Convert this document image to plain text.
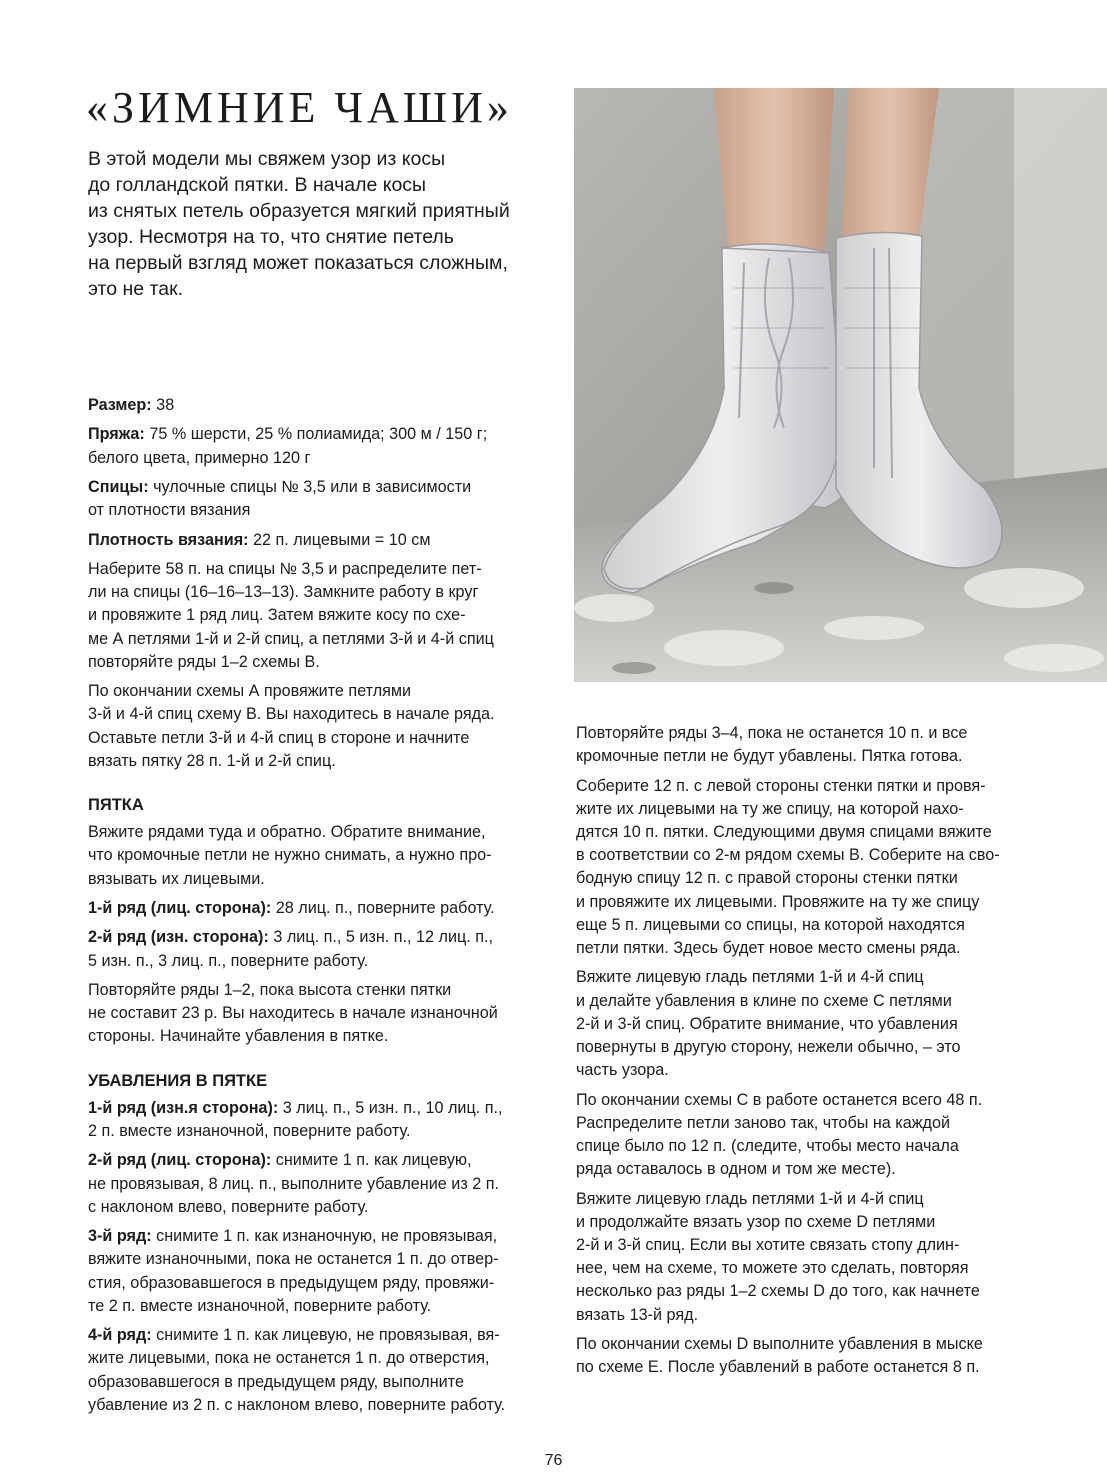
«ЗИМНИЕ ЧАШИ»
В этой модели мы свяжем узор из косы
до голландской пятки. В начале косы
из снятых петель образуется мягкий приятный
узор. Несмотря на то, что снятие петель
на первый взгляд может показаться сложным,
это не так.

Размер: 38

Пряжа: 75 % шерсти, 25 % полиамида; 300 м / 150 г;
белого цвета, примерно 120 г

Спицы: чулочные спицы № 3,5 или в зависимости
от плотности вязания

Плотность вязания: 22 п. лицевыми = 10 см

Наберите 58 п. на спицы № 3,5 и распределите пет-
ли на спицы (16–16–13–13). Замкните работу в круг
и провяжите 1 ряд лиц. Затем вяжите косу по схе-
ме А петлями 1-й и 2-й спиц, а петлями 3-й и 4-й спиц
повторяйте ряды 1–2 схемы В.

По окончании схемы А провяжите петлями
3-й и 4-й спиц схему В. Вы находитесь в начале ряда.
Оставьте петли 3-й и 4-й спиц в стороне и начните
вязать пятку 28 п. 1-й и 2-й спиц.

ПЯТКА

Вяжите рядами туда и обратно. Обратите внимание,
что кромочные петли не нужно снимать, а нужно про-
вязывать их лицевыми.

1-й ряд (лиц. сторона): 28 лиц. п., поверните работу.

2-й ряд (изн. сторона): 3 лиц. п., 5 изн. п., 12 лиц. п.,
5 изн. п., 3 лиц. п., поверните работу.

Повторяйте ряды 1–2, пока высота стенки пятки
не составит 23 р. Вы находитесь в начале изнаночной
стороны. Начинайте убавления в пятке.

УБАВЛЕНИЯ В ПЯТКЕ

1-й ряд (изн.я сторона): 3 лиц. п., 5 изн. п., 10 лиц. п.,
2 п. вместе изнаночной, поверните работу.

2-й ряд (лиц. сторона): снимите 1 п. как лицевую,
не провязывая, 8 лиц. п., выполните убавление из 2 п.
с наклоном влево, поверните работу.

3-й ряд: снимите 1 п. как изнаночную, не провязывая,
вяжите изнаночными, пока не останется 1 п. до отвер-
стия, образовавшегося в предыдущем ряду, провяжи-
те 2 п. вместе изнаночной, поверните работу.

4-й ряд: снимите 1 п. как лицевую, не провязывая, вя-
жите лицевыми, пока не останется 1 п. до отверстия,
образовавшегося в предыдущем ряду, выполните
убавление из 2 п. с наклоном влево, поверните работу.

Повторяйте ряды 3–4, пока не останется 10 п. и все
кромочные петли не будут убавлены. Пятка готова.

Соберите 12 п. с левой стороны стенки пятки и провя-
жите их лицевыми на ту же спицу, на которой нахо-
дятся 10 п. пятки. Следующими двумя спицами вяжите
в соответствии со 2-м рядом схемы В. Соберите на сво-
бодную спицу 12 п. с правой стороны стенки пятки
и провяжите их лицевыми. Провяжите на ту же спицу
еще 5 п. лицевыми со спицы, на которой находятся
петли пятки. Здесь будет новое место смены ряда.

Вяжите лицевую гладь петлями 1-й и 4-й спиц
и делайте убавления в клине по схеме С петлями
2-й и 3-й спиц. Обратите внимание, что убавления
повернуты в другую сторону, нежели обычно, – это
часть узора.

По окончании схемы С в работе останется всего 48 п.
Распределите петли заново так, чтобы на каждой
спице было по 12 п. (следите, чтобы место начала
ряда оставалось в одном и том же месте).

Вяжите лицевую гладь петлями 1-й и 4-й спиц
и продолжайте вязать узор по схеме D петлями
2-й и 3-й спиц. Если вы хотите связать стопу длин-
нее, чем на схеме, то можете это сделать, повторяя
несколько раз ряды 1–2 схемы D до того, как начнете
вязать 13-й ряд.

По окончании схемы D выполните убавления в мыске
по схеме Е. После убавлений в работе останется 8 п.

76
